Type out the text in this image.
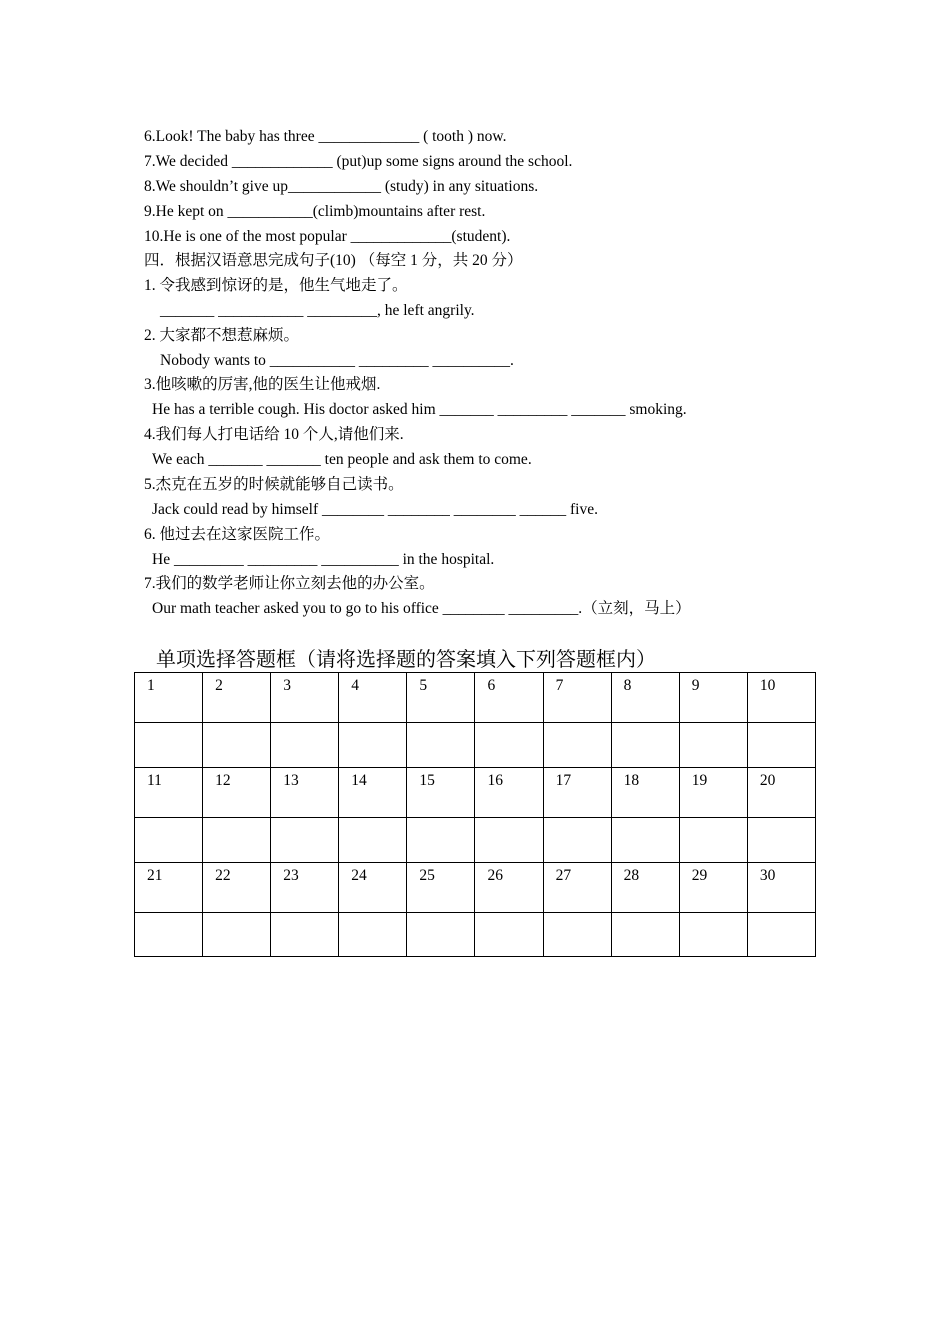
6.Look! The baby has three _____________ ( tooth ) now.
7.We decided _____________ (put)up some signs around the school.
8.We shouldn’t give up____________ (study) in any situations.
9.He kept on ___________(climb)mountains after rest.
10.He is one of the most popular _____________(student).
四．根据汉语意思完成句子(10) （每空 1 分，共 20 分）
1. 令我感到惊讶的是，他生气地走了。
_______ ___________ _________, he left angrily.
2. 大家都不想惹麻烦。
Nobody wants to ___________ _________ __________.
3.他咳嗽的厉害,他的医生让他戒烟.
He has a terrible cough. His doctor asked him _______ _________ _______ smoking.
4.我们每人打电话给 10 个人,请他们来.
We each _______ _______ ten people and ask them to come.
5.杰克在五岁的时候就能够自己读书。
Jack could read by himself ________ ________ ________ ______ five.
6. 他过去在这家医院工作。
He _________ _________ __________ in the hospital.
7.我们的数学老师让你立刻去他的办公室。
Our math teacher asked you to go to his office ________ _________.（立刻，马上）
单项选择答题框（请将选择题的答案填入下列答题框内）
1	2	3	4	5	6	7	8	9	10

11	12	13	14	15	16	17	18	19	20

21	22	23	24	25	26	27	28	29	30
